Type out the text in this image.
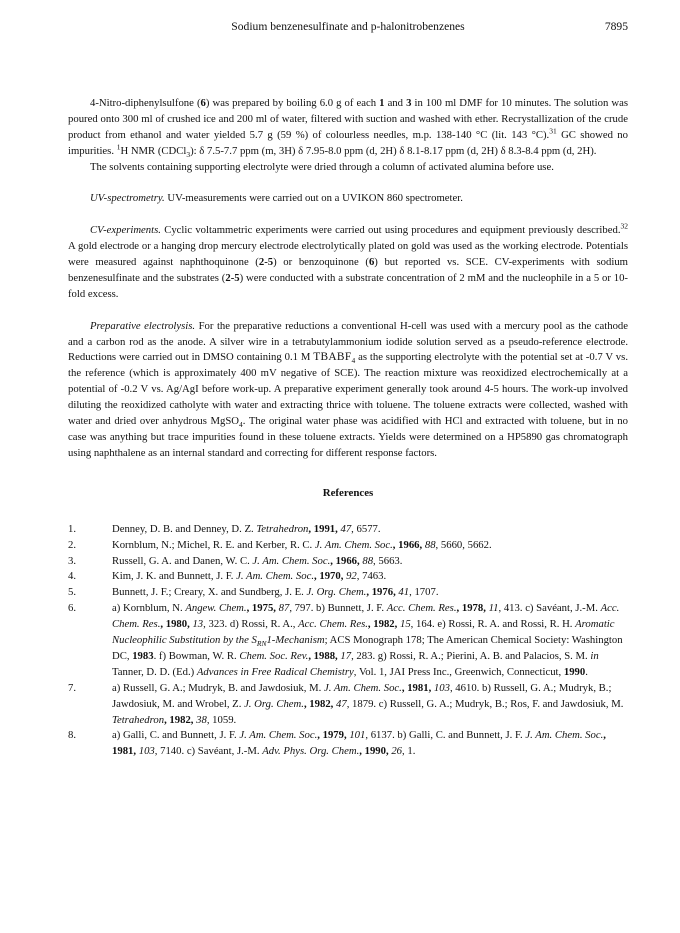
Sodium benzenesulfinate and p-halonitrobenzenes	7895

4-Nitro-diphenylsulfone (6) was prepared by boiling 6.0 g of each 1 and 3 in 100 ml DMF for 10 minutes. The solution was poured onto 300 ml of crushed ice and 200 ml of water, filtered with suction and washed with ether. Recrystallization of the crude product from ethanol and water yielded 5.7 g (59 %) of colourless needles, m.p. 138-140 °C (lit. 143 °C).$^{31}$ GC showed no impurities. $^1$H NMR (CDCl$_3$): δ 7.5-7.7 ppm (m, 3H) δ 7.95-8.0 ppm (d, 2H) δ 8.1-8.17 ppm (d, 2H) δ 8.3-8.4 ppm (d, 2H).

The solvents containing supporting electrolyte were dried through a column of activated alumina before use.

UV-spectrometry. UV-measurements were carried out on a UVIKON 860 spectrometer.

CV-experiments. Cyclic voltammetric experiments were carried out using procedures and equipment previously described.$^{32}$ A gold electrode or a hanging drop mercury electrode electrolytically plated on gold was used as the working electrode. Potentials were measured against naphthoquinone (2-5) or benzoquinone (6) but reported vs. SCE. CV-experiments with sodium benzenesulfinate and the substrates (2-5) were conducted with a substrate concentration of 2 mM and the nucleophile in a 5 or 10-fold excess.

Preparative electrolysis. For the preparative reductions a conventional H-cell was used with a mercury pool as the cathode and a carbon rod as the anode. A silver wire in a tetrabutylammonium iodide solution served as a pseudo-reference electrode. Reductions were carried out in DMSO containing 0.1 M $TBABF_4$ as the supporting electrolyte with the potential set at -0.7 V vs. the reference (which is approximately 400 mV negative of SCE). The reaction mixture was reoxidized electrochemically at a potential of -0.2 V vs. Ag/AgI before work-up. A preparative experiment generally took around 4-5 hours. The work-up involved diluting the reoxidized catholyte with water and extracting thrice with toluene. The toluene extracts were collected, washed with water and dried over anhydrous MgSO$_4$. The original water phase was acidified with HCl and extracted with toluene, but in no case was anything but trace impurities found in these toluene extracts. Yields were determined on a HP5890 gas chromatograph using naphthalene as an internal standard and correcting for different response factors.

References
1.	Denney, D. B. and Denney, D. Z. Tetrahedron, 1991, 47, 6577.
2.	Kornblum, N.; Michel, R. E. and Kerber, R. C. J. Am. Chem. Soc., 1966, 88, 5660, 5662.
3.	Russell, G. A. and Danen, W. C. J. Am. Chem. Soc., 1966, 88, 5663.
4.	Kim, J. K. and Bunnett, J. F. J. Am. Chem. Soc., 1970, 92, 7463.
5.	Bunnett, J. F.; Creary, X. and Sundberg, J. E. J. Org. Chem., 1976, 41, 1707.
6.	a) Kornblum, N. Angew. Chem., 1975, 87, 797. b) Bunnett, J. F. Acc. Chem. Res., 1978, 11, 413. c) Savéant, J.-M. Acc. Chem. Res., 1980, 13, 323. d) Rossi, R. A., Acc. Chem. Res., 1982, 15, 164. e) Rossi, R. A. and Rossi, R. H. Aromatic Nucleophilic Substitution by the $S_{RN}1$-Mechanism; ACS Monograph 178; The American Chemical Society: Washington DC, 1983. f) Bowman, W. R. Chem. Soc. Rev., 1988, 17, 283. g) Rossi, R. A.; Pierini, A. B. and Palacios, S. M. in Tanner, D. D. (Ed.) Advances in Free Radical Chemistry, Vol. 1, JAI Press Inc., Greenwich, Connecticut, 1990.
7.	a) Russell, G. A.; Mudryk, B. and Jawdosiuk, M. J. Am. Chem. Soc., 1981, 103, 4610. b) Russell, G. A.; Mudryk, B.; Jawdosiuk, M. and Wrobel, Z. J. Org. Chem., 1982, 47, 1879. c) Russell, G. A.; Mudryk, B.; Ros, F. and Jawdosiuk, M. Tetrahedron, 1982, 38, 1059.
8.	a) Galli, C. and Bunnett, J. F. J. Am. Chem. Soc., 1979, 101, 6137. b) Galli, C. and Bunnett, J. F. J. Am. Chem. Soc., 1981, 103, 7140. c) Savéant, J.-M. Adv. Phys. Org. Chem., 1990, 26, 1.
